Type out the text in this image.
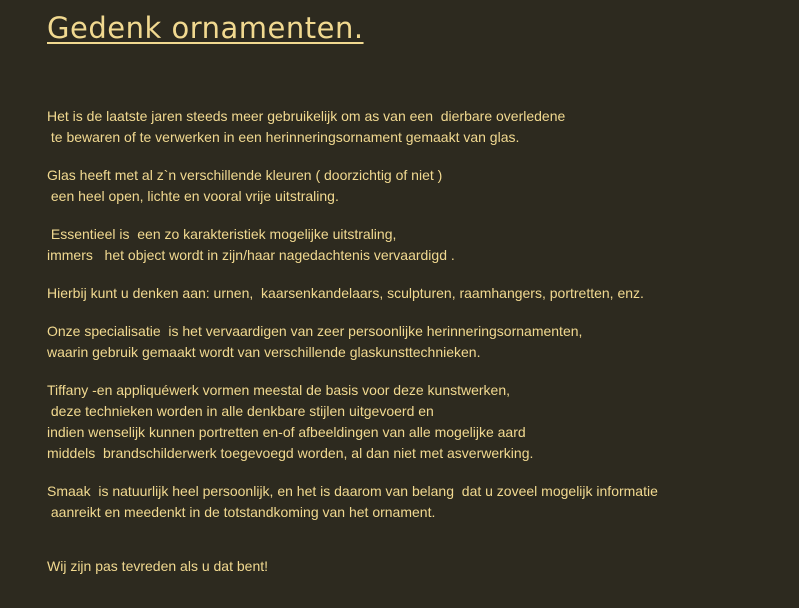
Gedenk ornamenten.

Het is de laatste jaren steeds meer gebruikelijk om as van een  dierbare overledene
te bewaren of te verwerken in een herinneringsornament gemaakt van glas.

Glas heeft met al z`n verschillende kleuren ( doorzichtig of niet )
een heel open, lichte en vooral vrije uitstraling.

Essentieel is  een zo karakteristiek mogelijke uitstraling,
immers   het object wordt in zijn/haar nagedachtenis vervaardigd .

Hierbij kunt u denken aan: urnen,  kaarsenkandelaars, sculpturen, raamhangers, portretten, enz.

Onze specialisatie  is het vervaardigen van zeer persoonlijke herinneringsornamenten,
waarin gebruik gemaakt wordt van verschillende glaskunsttechnieken.

Tiffany -en appliquéwerk vormen meestal de basis voor deze kunstwerken,
deze technieken worden in alle denkbare stijlen uitgevoerd en
indien wenselijk kunnen portretten en-of afbeeldingen van alle mogelijke aard
middels  brandschilderwerk toegevoegd worden, al dan niet met asverwerking.

Smaak  is natuurlijk heel persoonlijk, en het is daarom van belang  dat u zoveel mogelijk informatie
aanreikt en meedenkt in de totstandkoming van het ornament.

Wij zijn pas tevreden als u dat bent!
